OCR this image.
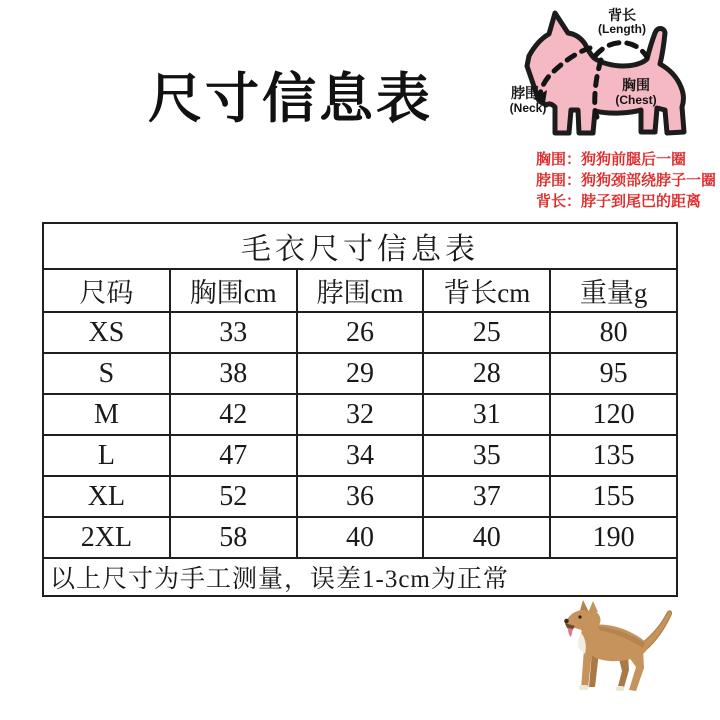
尺寸信息表
背长
(Length)
脖围
(Neck)
胸围
(Chest)
胸围：狗狗前腿后一圈
脖围：狗狗颈部绕脖子一圈
背长：脖子到尾巴的距离
毛衣尺寸信息表				
尺码	胸围cm	脖围cm	背长cm	重量g
XS	33	26	25	80
S	38	29	28	95
M	42	32	31	120
L	47	34	35	135
XL	52	36	37	155
2XL	58	40	40	190
以上尺寸为手工测量，误差1-3cm为正常				
